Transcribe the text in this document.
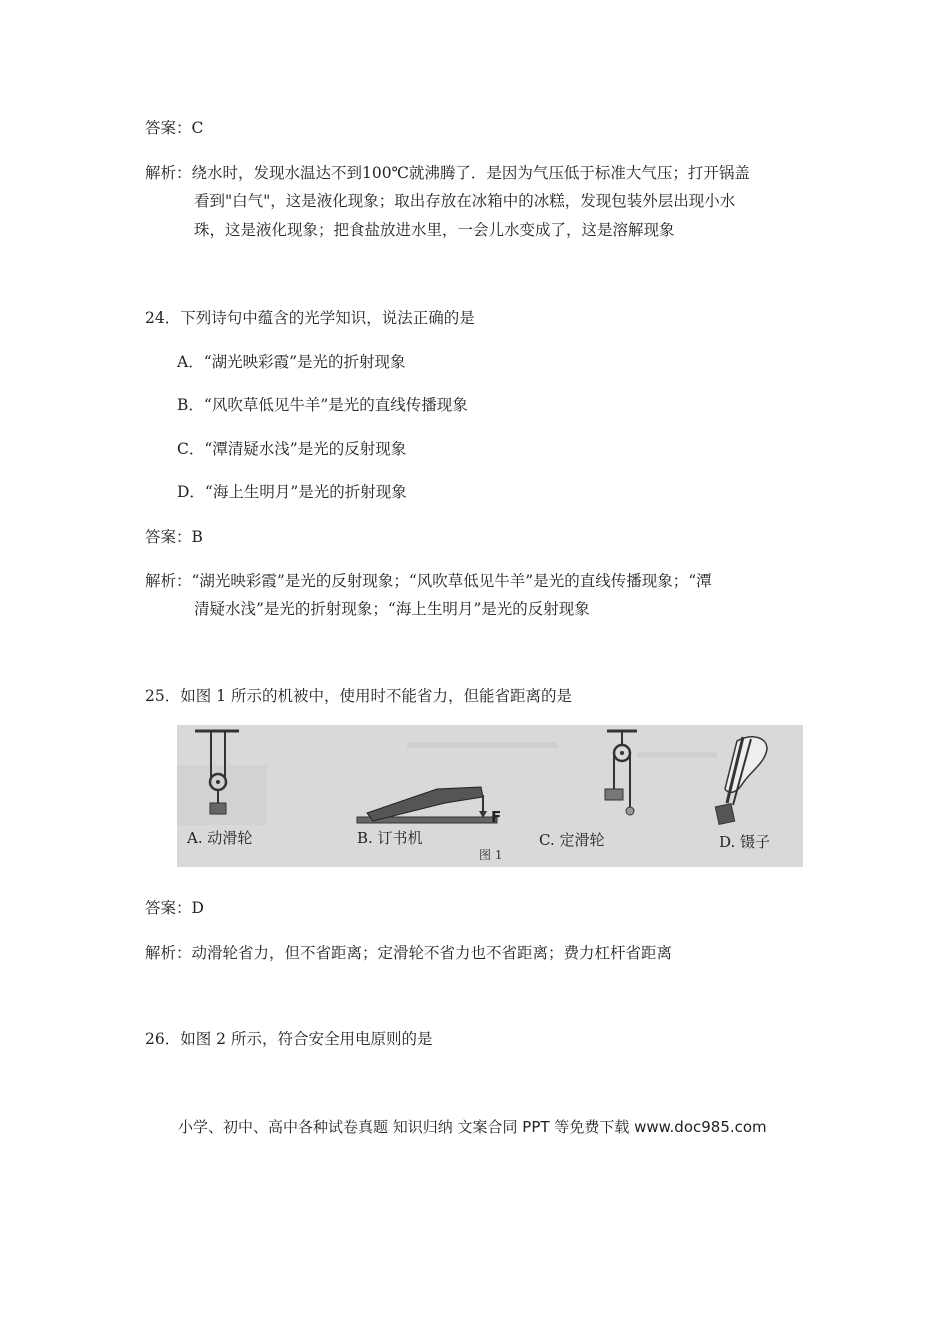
答案：C
解析：绕水时，发现水温达不到100℃就沸腾了．是因为气压低于标准大气压；打开锅盖
看到"白气"，这是液化现象；取出存放在冰箱中的冰糕，发现包装外层出现小水
珠，这是液化现象；把食盐放进水里，一会儿水变成了，这是溶解现象
24．下列诗句中蕴含的光学知识，说法正确的是
A．“湖光映彩霞”是光的折射现象
B．“风吹草低见牛羊”是光的直线传播现象
C．“潭清疑水浅”是光的反射现象
D．“海上生明月”是光的折射现象
答案：B
解析：“湖光映彩霞”是光的反射现象；“风吹草低见牛羊”是光的直线传播现象；“潭
清疑水浅”是光的折射现象；“海上生明月”是光的反射现象
25．如图 1 所示的机被中，使用时不能省力，但能省距离的是
F
A. 动滑轮	B. 订书机	C. 定滑轮	D. 镊子
图 1
答案：D
解析：动滑轮省力，但不省距离；定滑轮不省力也不省距离；费力杠杆省距离
26．如图 2 所示，符合安全用电原则的是
小学、初中、高中各种试卷真题 知识归纳 文案合同 PPT 等免费下载 www.doc985.com
